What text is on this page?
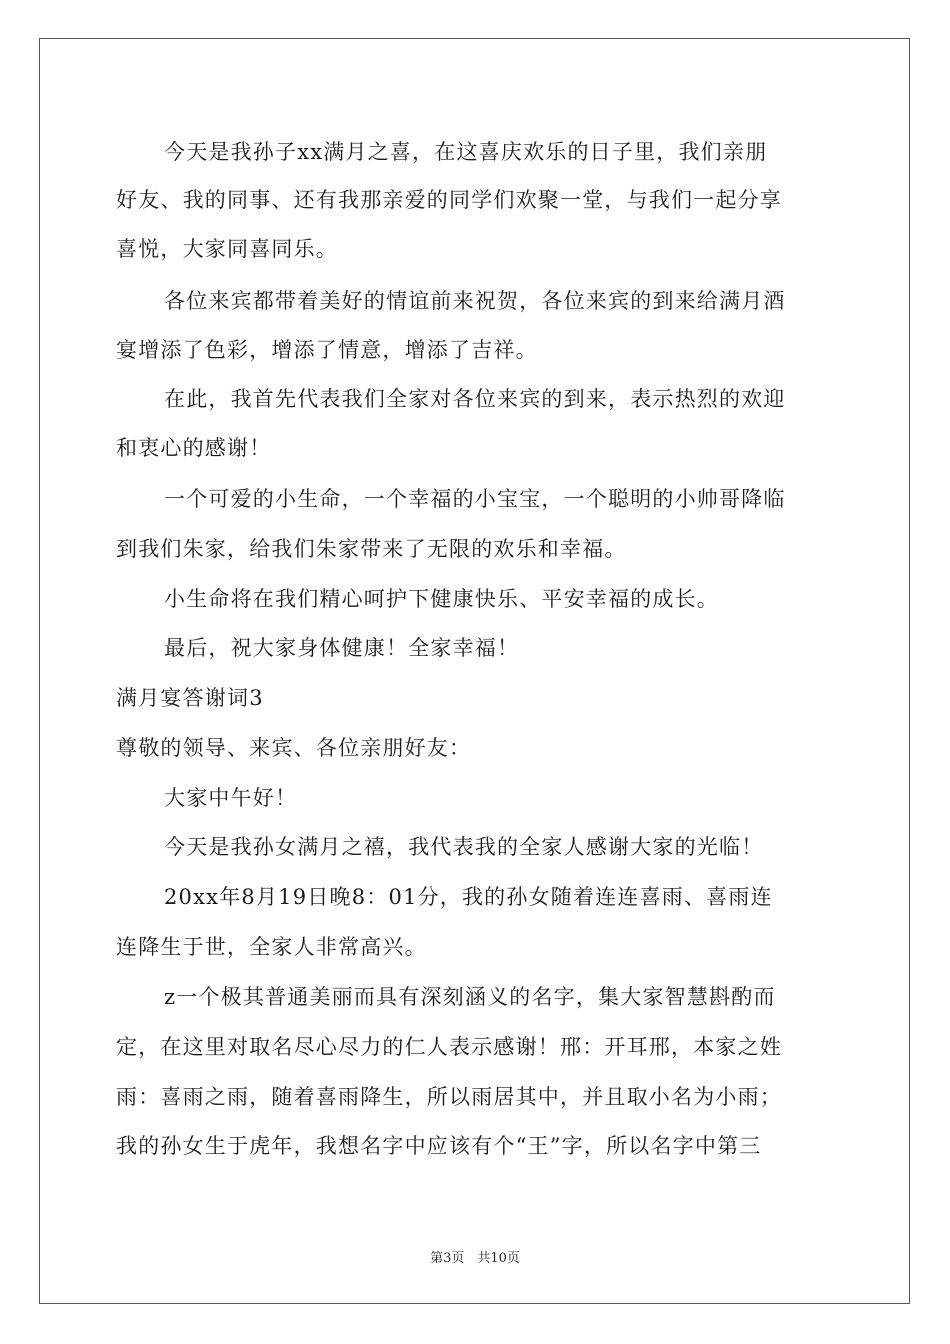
今天是我孙子xx满月之喜，在这喜庆欢乐的日子里，我们亲朋
好友、我的同事、还有我那亲爱的同学们欢聚一堂，与我们一起分享
喜悦，大家同喜同乐。
各位来宾都带着美好的情谊前来祝贺，各位来宾的到来给满月酒
宴增添了色彩，增添了情意，增添了吉祥。
在此，我首先代表我们全家对各位来宾的到来，表示热烈的欢迎
和衷心的感谢！
一个可爱的小生命，一个幸福的小宝宝，一个聪明的小帅哥降临
到我们朱家，给我们朱家带来了无限的欢乐和幸福。
小生命将在我们精心呵护下健康快乐、平安幸福的成长。
最后，祝大家身体健康！全家幸福！
满月宴答谢词3
尊敬的领导、来宾、各位亲朋好友：
大家中午好！
今天是我孙女满月之禧，我代表我的全家人感谢大家的光临！
20xx年8月19日晚8：01分，我的孙女随着连连喜雨、喜雨连
连降生于世，全家人非常高兴。
z一个极其普通美丽而具有深刻涵义的名字，集大家智慧斟酌而
定，在这里对取名尽心尽力的仁人表示感谢！邢：开耳邢，本家之姓
雨：喜雨之雨，随着喜雨降生，所以雨居其中，并且取小名为小雨；
我的孙女生于虎年，我想名字中应该有个“王”字，所以名字中第三
第3页　共10页
